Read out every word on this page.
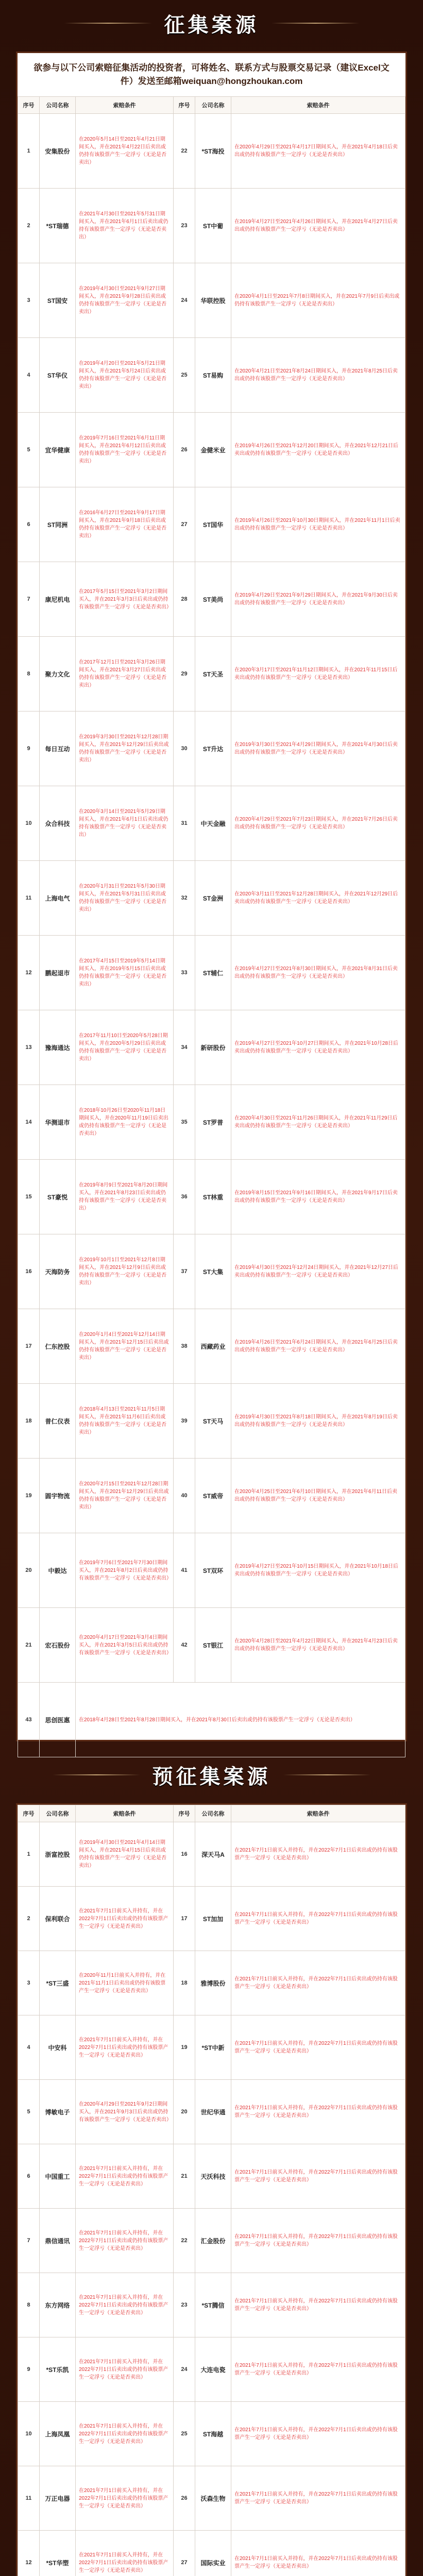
征集案源
欲参与以下公司索赔征集活动的投资者，可将姓名、联系方式与股票交易记录（建议Excel文件）发送至邮箱weiquan@hongzhoukan.com
序号	公司名称	索赔条件	序号	公司名称	索赔条件
1	安集股份	在2020年5月14日至2021年4月21日期间买入，并在2021年4月22日后卖出或仍持有该股票产生一定浮亏（无论是否卖出）	22	*ST海投	在2020年4月29日至2021年4月17日期间买入，并在2021年4月18日后卖出或仍持有该股票产生一定浮亏（无论是否卖出）
2	*ST瑞德	在2021年4月30日至2021年5月31日期间买入，并在2021年6月1日后卖出或仍持有该股票产生一定浮亏（无论是否卖出）	23	ST中葡	在2019年4月27日至2021年4月26日期间买入，并在2021年4月27日后卖出或仍持有该股票产生一定浮亏（无论是否卖出）
3	ST国安	在2019年4月30日至2021年9月27日期间买入，并在2021年9月28日后卖出或仍持有该股票产生一定浮亏（无论是否卖出）	24	华联控股	在2020年4月1日至2021年7月8日期间买入，并在2021年7月9日后卖出或仍持有该股票产生一定浮亏（无论是否卖出）
4	ST华仪	在2019年4月20日至2021年5月21日期间买入，并在2021年5月24日后卖出或仍持有该股票产生一定浮亏（无论是否卖出）	25	ST易购	在2020年4月21日至2021年8月24日期间买入，并在2021年8月25日后卖出或仍持有该股票产生一定浮亏（无论是否卖出）
5	宜华健康	在2019年7月16日至2021年6月11日期间买入，并在2021年6月12日后卖出或仍持有该股票产生一定浮亏（无论是否卖出）	26	金健米业	在2019年4月26日至2021年12月20日期间买入，并在2021年12月21日后卖出或仍持有该股票产生一定浮亏（无论是否卖出）
6	ST同洲	在2016年6月27日至2021年9月17日期间买入，并在2021年9月18日后卖出或仍持有该股票产生一定浮亏（无论是否卖出）	27	ST国华	在2019年4月26日至2021年10月30日期间买入，并在2021年11月1日后卖出或仍持有该股票产生一定浮亏（无论是否卖出）
7	康尼机电	在2017年5月15日至2021年3月2日期间买入，并在2021年3月3日后卖出或仍持有该股票产生一定浮亏（无论是否卖出）	28	ST美尚	在2019年4月29日至2021年9月29日期间买入，并在2021年9月30日后卖出或仍持有该股票产生一定浮亏（无论是否卖出）
8	聚力文化	在2017年12月1日至2021年3月26日期间买入，并在2021年3月27日后卖出或仍持有该股票产生一定浮亏（无论是否卖出）	29	ST天圣	在2020年3月17日至2021年11月12日期间买入，并在2021年11月15日后卖出或仍持有该股票产生一定浮亏（无论是否卖出）
9	每日互动	在2019年3月30日至2021年12月28日期间买入，并在2021年12月29日后卖出或仍持有该股票产生一定浮亏（无论是否卖出）	30	ST升达	在2019年3月30日至2021年4月29日期间买入，并在2021年4月30日后卖出或仍持有该股票产生一定浮亏（无论是否卖出）
10	众合科技	在2020年3月14日至2021年5月29日期间买入，并在2021年6月1日后卖出或仍持有该股票产生一定浮亏（无论是否卖出）	31	中天金融	在2020年4月29日至2021年7月23日期间买入，并在2021年7月26日后卖出或仍持有该股票产生一定浮亏（无论是否卖出）
11	上海电气	在2020年1月31日至2021年5月30日期间买入，并在2021年5月31日后卖出或仍持有该股票产生一定浮亏（无论是否卖出）	32	ST金洲	在2020年3月11日至2021年12月28日期间买入，并在2021年12月29日后卖出或仍持有该股票产生一定浮亏（无论是否卖出）
12	鹏起退市	在2017年4月15日至2019年5月14日期间买入，并在2019年5月15日后卖出或仍持有该股票产生一定浮亏（无论是否卖出）	33	ST辅仁	在2019年4月27日至2021年8月30日期间买入，并在2021年8月31日后卖出或仍持有该股票产生一定浮亏（无论是否卖出）
13	豫海通达	在2017年11月10日至2020年5月28日期间买入，并在2020年5月29日后卖出或仍持有该股票产生一定浮亏（无论是否卖出）	34	新研股份	在2019年4月27日至2021年10月27日期间买入，并在2021年10月28日后卖出或仍持有该股票产生一定浮亏（无论是否卖出）
14	华测退市	在2018年10月26日至2020年11月18日期间买入，并在2020年11月19日后卖出或仍持有该股票产生一定浮亏（无论是否卖出）	35	ST罗普	在2020年4月30日至2021年11月26日期间买入，并在2021年11月29日后卖出或仍持有该股票产生一定浮亏（无论是否卖出）
15	ST豪悦	在2019年8月9日至2021年8月20日期间买入，并在2021年8月23日后卖出或仍持有该股票产生一定浮亏（无论是否卖出）	36	ST林重	在2019年8月15日至2021年9月16日期间买入，并在2021年9月17日后卖出或仍持有该股票产生一定浮亏（无论是否卖出）
16	天海防务	在2019年10月1日至2021年12月8日期间买入，并在2021年12月9日后卖出或仍持有该股票产生一定浮亏（无论是否卖出）	37	ST大集	在2019年4月30日至2021年12月24日期间买入，并在2021年12月27日后卖出或仍持有该股票产生一定浮亏（无论是否卖出）
17	仁东控股	在2020年1月4日至2021年12月14日期间买入，并在2021年12月15日后卖出或仍持有该股票产生一定浮亏（无论是否卖出）	38	西藏药业	在2019年4月26日至2021年6月24日期间买入，并在2021年6月25日后卖出或仍持有该股票产生一定浮亏（无论是否卖出）
18	普仁仪表	在2018年4月13日至2021年11月5日期间买入，并在2021年11月6日后卖出或仍持有该股票产生一定浮亏（无论是否卖出）	39	ST天马	在2019年4月30日至2021年8月18日期间买入，并在2021年8月19日后卖出或仍持有该股票产生一定浮亏（无论是否卖出）
19	圆宇物流	在2020年2月15日至2021年12月28日期间买入，并在2021年12月29日后卖出或仍持有该股票产生一定浮亏（无论是否卖出）	40	ST威帝	在2020年4月25日至2021年6月10日期间买入，并在2021年6月11日后卖出或仍持有该股票产生一定浮亏（无论是否卖出）
20	中毅达	在2019年7月6日至2021年7月30日期间买入，并在2021年8月2日后卖出或仍持有该股票产生一定浮亏（无论是否卖出）	41	ST双环	在2019年4月27日至2021年10月15日期间买入，并在2021年10月18日后卖出或仍持有该股票产生一定浮亏（无论是否卖出）
21	宏石股份	在2020年4月17日至2021年3月4日期间买入，并在2021年3月5日后卖出或仍持有该股票产生一定浮亏（无论是否卖出）	42	ST银江	在2020年4月28日至2021年4月22日期间买入，并在2021年4月23日后卖出或仍持有该股票产生一定浮亏（无论是否卖出）
43	思创医惠	在2018年4月28日至2021年8月28日期间买入，并在2021年8月30日后卖出或仍持有该股票产生一定浮亏（无论是否卖出）			
预征集案源
序号	公司名称	索赔条件	序号	公司名称	索赔条件
1	浙富控股	在2019年4月30日至2021年4月14日期间买入，并在2021年4月15日后卖出或仍持有该股票产生一定浮亏（无论是否卖出）	16	深天马A	在2021年7月1日前买入并持有，并在2022年7月1日后卖出或仍持有该股票产生一定浮亏（无论是否卖出）
2	保利联合	在2021年7月1日前买入并持有，并在2022年7月1日后卖出或仍持有该股票产生一定浮亏（无论是否卖出）	17	ST加加	在2021年7月1日前买入并持有，并在2022年7月1日后卖出或仍持有该股票产生一定浮亏（无论是否卖出）
3	*ST三盛	在2020年11月1日前买入并持有，并在2021年11月1日后卖出或仍持有该股票产生一定浮亏（无论是否卖出）	18	雅博股份	在2021年7月1日前买入并持有，并在2022年7月1日后卖出或仍持有该股票产生一定浮亏（无论是否卖出）
4	中安科	在2021年7月1日前买入并持有，并在2022年7月1日后卖出或仍持有该股票产生一定浮亏（无论是否卖出）	19	*ST中新	在2021年7月1日前买入并持有，并在2022年7月1日后卖出或仍持有该股票产生一定浮亏（无论是否卖出）
5	博敏电子	在2020年4月29日至2021年9月2日期间买入，并在2021年9月3日后卖出或仍持有该股票产生一定浮亏（无论是否卖出）	20	世纪华通	在2021年7月1日前买入并持有，并在2022年7月1日后卖出或仍持有该股票产生一定浮亏（无论是否卖出）
6	中国重工	在2021年7月1日前买入并持有，并在2022年7月1日后卖出或仍持有该股票产生一定浮亏（无论是否卖出）	21	天沃科技	在2021年7月1日前买入并持有，并在2022年7月1日后卖出或仍持有该股票产生一定浮亏（无论是否卖出）
7	鼎信通讯	在2021年7月1日前买入并持有，并在2022年7月1日后卖出或仍持有该股票产生一定浮亏（无论是否卖出）	22	汇金股份	在2021年7月1日前买入并持有，并在2022年7月1日后卖出或仍持有该股票产生一定浮亏（无论是否卖出）
8	东方网络	在2021年7月1日前买入并持有，并在2022年7月1日后卖出或仍持有该股票产生一定浮亏（无论是否卖出）	23	*ST腾信	在2021年7月1日前买入并持有，并在2022年7月1日后卖出或仍持有该股票产生一定浮亏（无论是否卖出）
9	*ST乐凯	在2021年7月1日前买入并持有，并在2022年7月1日后卖出或仍持有该股票产生一定浮亏（无论是否卖出）	24	大连电瓷	在2021年7月1日前买入并持有，并在2022年7月1日后卖出或仍持有该股票产生一定浮亏（无论是否卖出）
10	上海凤凰	在2021年7月1日前买入并持有，并在2022年7月1日后卖出或仍持有该股票产生一定浮亏（无论是否卖出）	25	ST海越	在2021年7月1日前买入并持有，并在2022年7月1日后卖出或仍持有该股票产生一定浮亏（无论是否卖出）
11	万正电器	在2021年7月1日前买入并持有，并在2022年7月1日后卖出或仍持有该股票产生一定浮亏（无论是否卖出）	26	沃森生物	在2021年7月1日前买入并持有，并在2022年7月1日后卖出或仍持有该股票产生一定浮亏（无论是否卖出）
12	*ST华塑	在2021年7月1日前买入并持有，并在2022年7月1日后卖出或仍持有该股票产生一定浮亏（无论是否卖出）	27	国际实业	在2021年7月1日前买入并持有，并在2022年7月1日后卖出或仍持有该股票产生一定浮亏（无论是否卖出）
